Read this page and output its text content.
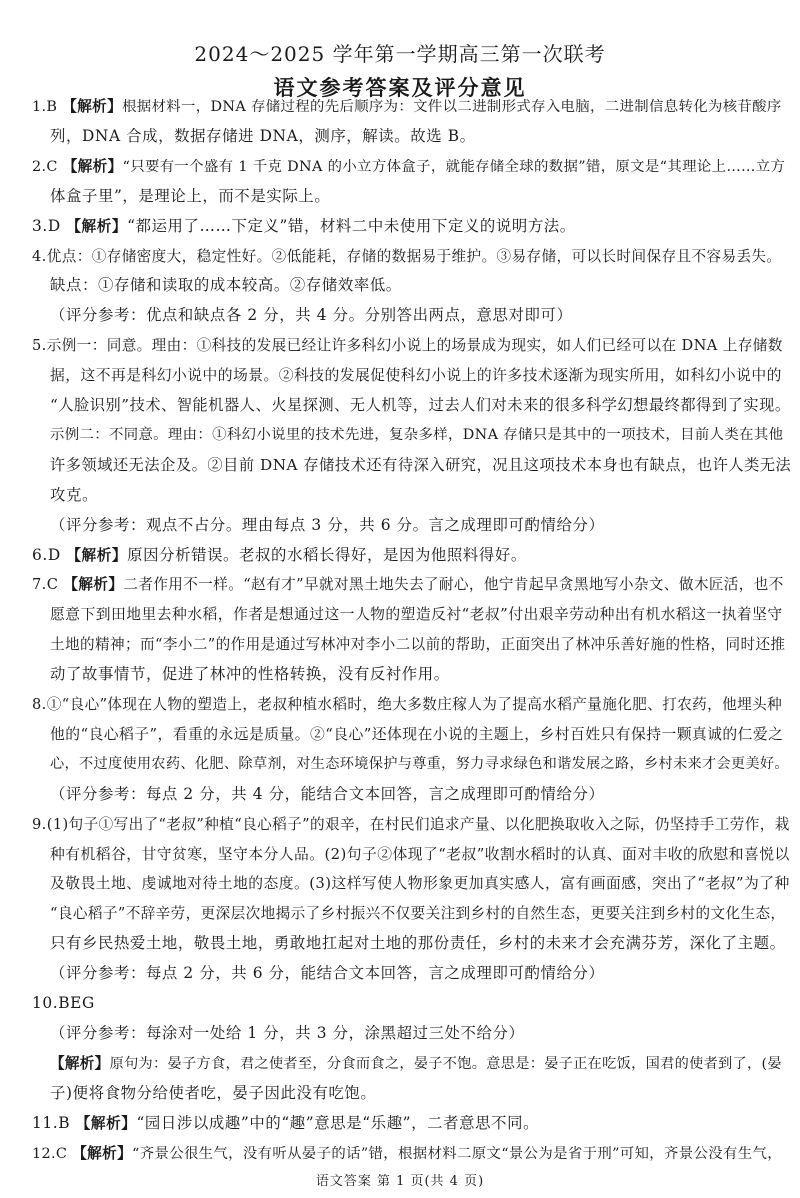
2024～2025 学年第一学期高三第一次联考
语文参考答案及评分意见
1.B 【解析】根据材料一，DNA 存储过程的先后顺序为：文件以二进制形式存入电脑，二进制信息转化为核苷酸序
列，DNA 合成，数据存储进 DNA，测序，解读。故选 B。
2.C 【解析】“只要有一个盛有 1 千克 DNA 的小立方体盒子，就能存储全球的数据”错，原文是“其理论上……立方
体盒子里”，是理论上，而不是实际上。
3.D 【解析】“都运用了……下定义”错，材料二中未使用下定义的说明方法。
4.优点：①存储密度大，稳定性好。②低能耗，存储的数据易于维护。③易存储，可以长时间保存且不容易丢失。
缺点：①存储和读取的成本较高。②存储效率低。
（评分参考：优点和缺点各 2 分，共 4 分。分别答出两点，意思对即可）
5.示例一：同意。理由：①科技的发展已经让许多科幻小说上的场景成为现实，如人们已经可以在 DNA 上存储数
据，这不再是科幻小说中的场景。②科技的发展促使科幻小说上的许多技术逐渐为现实所用，如科幻小说中的
“人脸识别”技术、智能机器人、火星探测、无人机等，过去人们对未来的很多科学幻想最终都得到了实现。
示例二：不同意。理由：①科幻小说里的技术先进，复杂多样，DNA 存储只是其中的一项技术，目前人类在其他
许多领域还无法企及。②目前 DNA 存储技术还有待深入研究，况且这项技术本身也有缺点，也许人类无法
攻克。
（评分参考：观点不占分。理由每点 3 分，共 6 分。言之成理即可酌情给分）
6.D 【解析】原因分析错误。老叔的水稻长得好，是因为他照料得好。
7.C 【解析】二者作用不一样。“赵有才”早就对黑土地失去了耐心，他宁肯起早贪黑地写小杂文、做木匠活，也不
愿意下到田地里去种水稻，作者是想通过这一人物的塑造反衬“老叔”付出艰辛劳动种出有机水稻这一执着坚守
土地的精神；而“李小二”的作用是通过写林冲对李小二以前的帮助，正面突出了林冲乐善好施的性格，同时还推
动了故事情节，促进了林冲的性格转换，没有反衬作用。
8.①“良心”体现在人物的塑造上，老叔种植水稻时，绝大多数庄稼人为了提高水稻产量施化肥、打农药，他埋头种
他的“良心稻子”，看重的永远是质量。②“良心”还体现在小说的主题上，乡村百姓只有保持一颗真诚的仁爱之
心，不过度使用农药、化肥、除草剂，对生态环境保护与尊重，努力寻求绿色和谐发展之路，乡村未来才会更美好。
（评分参考：每点 2 分，共 4 分，能结合文本回答，言之成理即可酌情给分）
9.(1)句子①写出了“老叔”种植“良心稻子”的艰辛，在村民们追求产量、以化肥换取收入之际，仍坚持手工劳作，栽
种有机稻谷，甘守贫寒，坚守本分人品。(2)句子②体现了“老叔”收割水稻时的认真、面对丰收的欣慰和喜悦以
及敬畏土地、虔诚地对待土地的态度。(3)这样写使人物形象更加真实感人，富有画面感，突出了“老叔”为了种
“良心稻子”不辞辛劳，更深层次地揭示了乡村振兴不仅要关注到乡村的自然生态，更要关注到乡村的文化生态，
只有乡民热爱土地，敬畏土地，勇敢地扛起对土地的那份责任，乡村的未来才会充满芬芳，深化了主题。
（评分参考：每点 2 分，共 6 分，能结合文本回答，言之成理即可酌情给分）
10.BEG
（评分参考：每涂对一处给 1 分，共 3 分，涂黑超过三处不给分）
【解析】原句为：晏子方食，君之使者至，分食而食之，晏子不饱。意思是：晏子正在吃饭，国君的使者到了，(晏
子)便将食物分给使者吃，晏子因此没有吃饱。
11.B 【解析】“园日涉以成趣”中的“趣”意思是“乐趣”，二者意思不同。
12.C 【解析】“齐景公很生气，没有听从晏子的话”错，根据材料二原文“景公为是省于刑”可知，齐景公没有生气，
语文答案 第 1 页(共 4 页)
